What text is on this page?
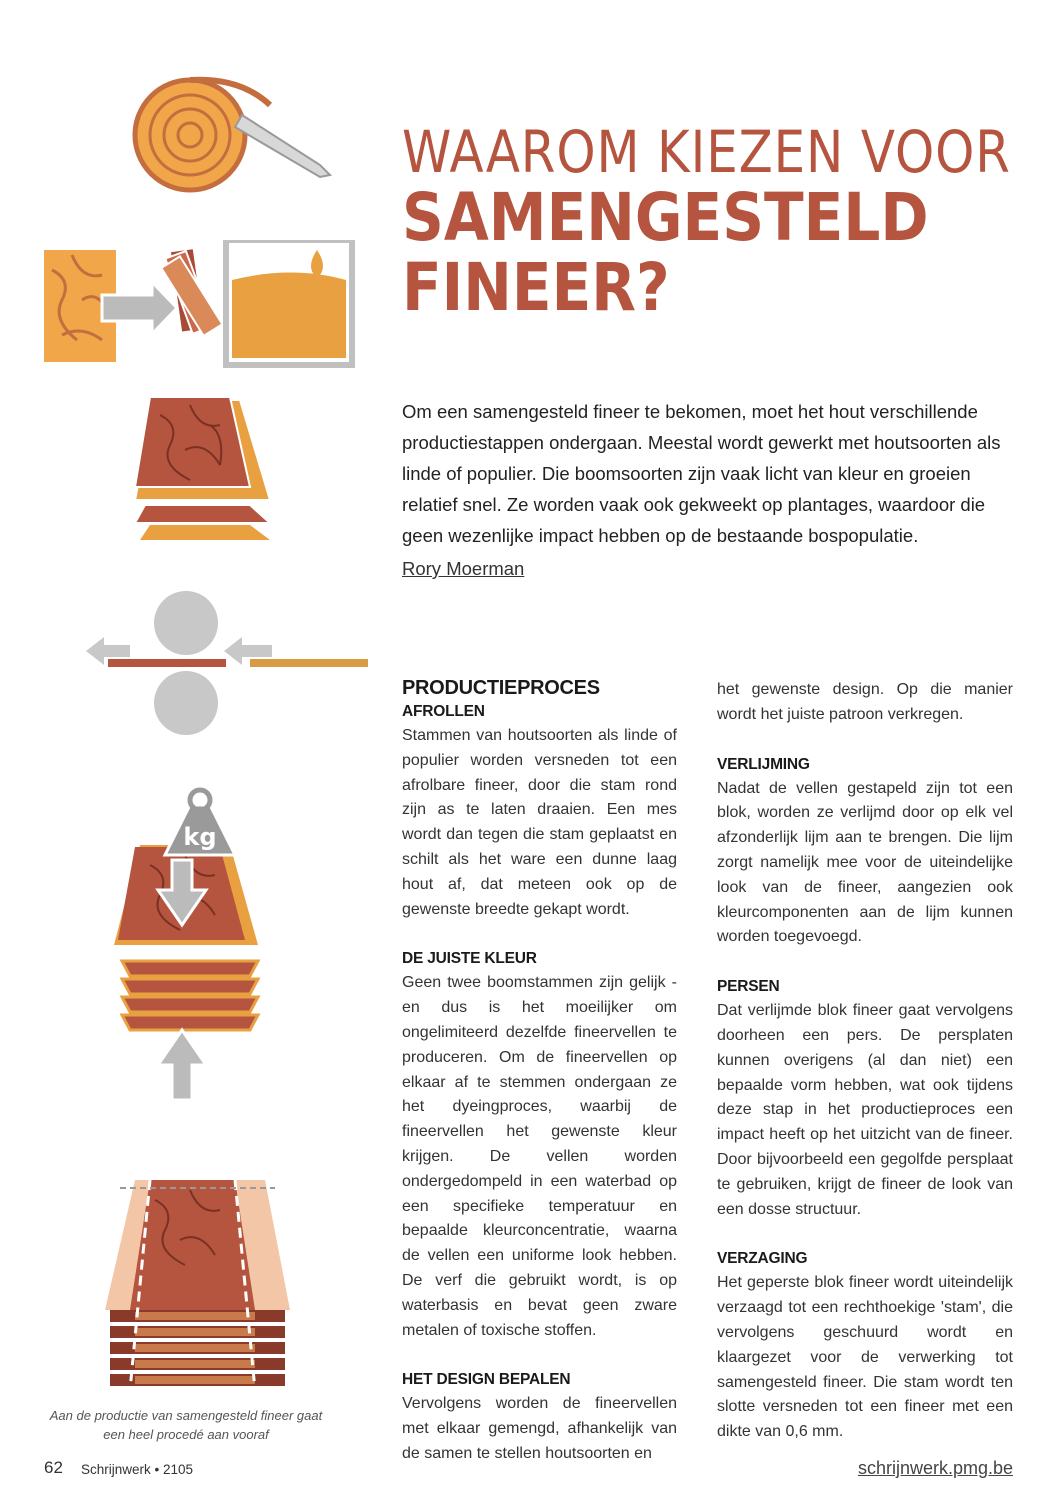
kg
WAAROM KIEZEN VOOR
SAMENGESTELD
FINEER?
Om een samengesteld fineer te bekomen, moet het hout verschillende productiestappen ondergaan. Meestal wordt gewerkt met houtsoorten als linde of populier. Die boomsoorten zijn vaak licht van kleur en groeien relatief snel. Ze worden vaak ook gekweekt op plantages, waardoor die geen wezenlijke impact hebben op de bestaande bospopulatie.
Rory Moerman
PRODUCTIEPROCES
AFROLLEN

Stammen van houtsoorten als linde of populier worden versneden tot een afrolbare fineer, door die stam rond zijn as te laten draaien. Een mes wordt dan tegen die stam geplaatst en schilt als het ware een dunne laag hout af, dat meteen ook op de gewenste breedte gekapt wordt.

DE JUISTE KLEUR

Geen twee boomstammen zijn gelijk - en dus is het moeilijker om ongelimiteerd dezelfde fineervellen te produceren. Om de fineervellen op elkaar af te stemmen ondergaan ze het dyeingproces, waarbij de fineervellen het gewenste kleur krijgen. De vellen worden ondergedompeld in een waterbad op een specifieke temperatuur en bepaalde kleurconcentratie, waarna de vellen een uniforme look hebben. De verf die gebruikt wordt, is op waterbasis en bevat geen zware metalen of toxische stoffen.

HET DESIGN BEPALEN

Vervolgens worden de fineervellen met elkaar gemengd, afhankelijk van de samen te stellen houtsoorten en

het gewenste design. Op die manier wordt het juiste patroon verkregen.

VERLIJMING

Nadat de vellen gestapeld zijn tot een blok, worden ze verlijmd door op elk vel afzonderlijk lijm aan te brengen. Die lijm zorgt namelijk mee voor de uiteindelijke look van de fineer, aangezien ook kleurcomponenten aan de lijm kunnen worden toegevoegd.

PERSEN

Dat verlijmde blok fineer gaat vervolgens doorheen een pers. De persplaten kunnen overigens (al dan niet) een bepaalde vorm hebben, wat ook tijdens deze stap in het productieproces een impact heeft op het uitzicht van de fineer. Door bijvoorbeeld een gegolfde persplaat te gebruiken, krijgt de fineer de look van een dosse structuur.

VERZAGING

Het geperste blok fineer wordt uiteindelijk verzaagd tot een rechthoekige 'stam', die vervolgens geschuurd wordt en klaargezet voor de verwerking tot samengesteld fineer. Die stam wordt ten slotte versneden tot een fineer met een dikte van 0,6 mm.

Aan de productie van samengesteld fineer gaat een heel procedé aan vooraf
62 Schrijnwerk • 2105	schrijnwerk.pmg.be
